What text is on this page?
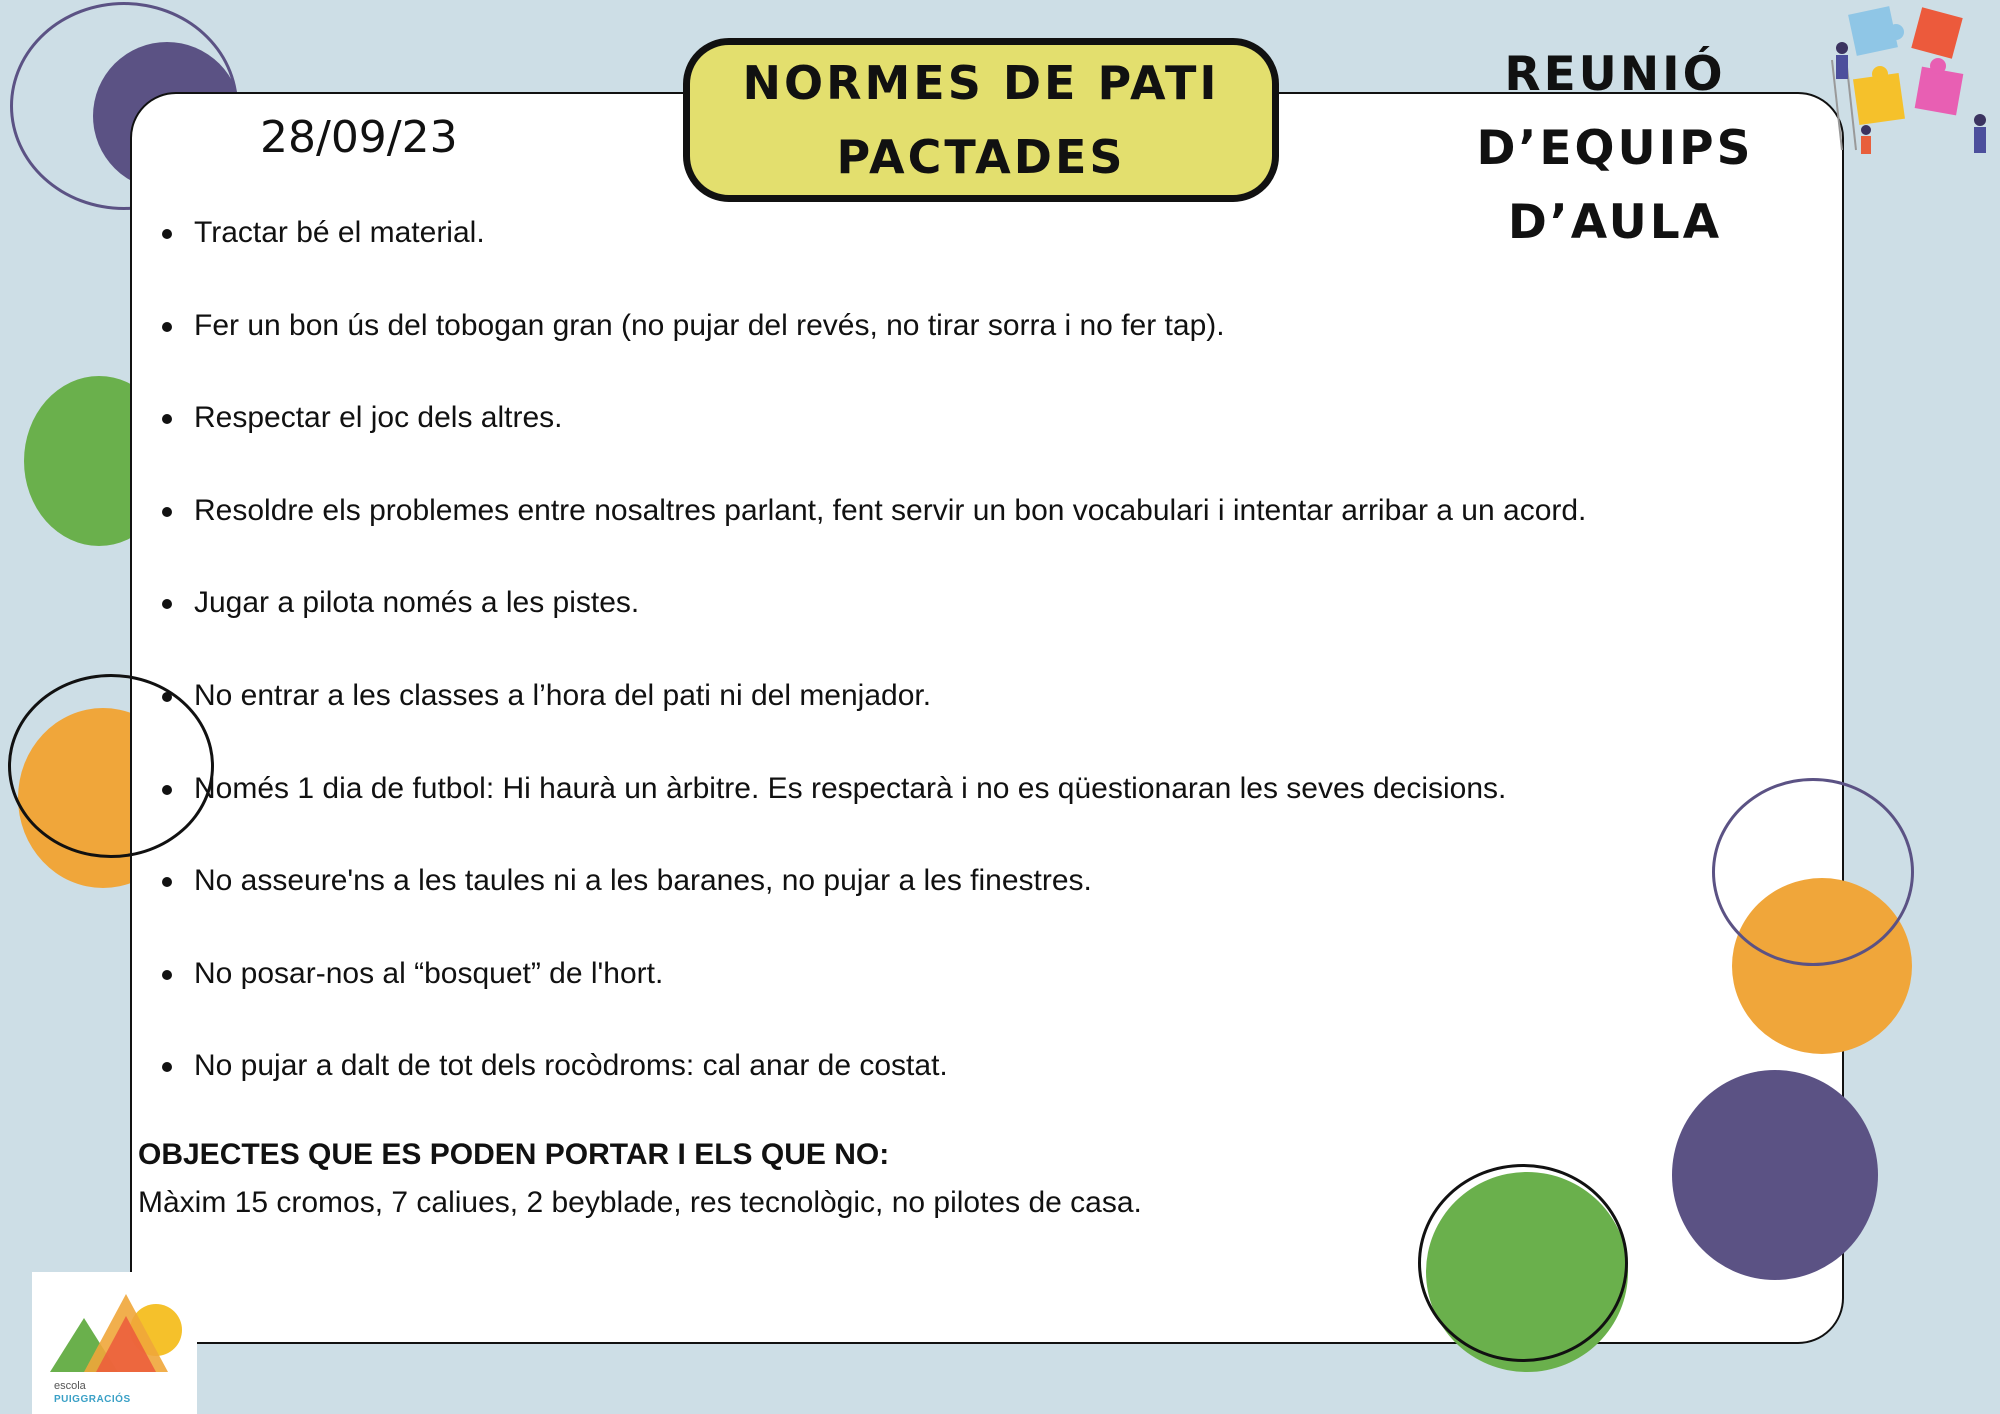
28/09/23
NORMES DE PATI
PACTADES
REUNIÓ
D’EQUIPS D’AULA
Tractar bé el material.
Fer un bon ús del tobogan gran (no pujar del revés, no tirar sorra i no fer tap).
Respectar el joc dels altres.
Resoldre els problemes entre nosaltres parlant, fent servir un bon vocabulari i intentar arribar a un acord.
Jugar a pilota només a les pistes.
No entrar a les classes a l’hora del pati ni del menjador.
Només 1 dia de futbol: Hi haurà un àrbitre. Es respectarà i no es qüestionaran les seves decisions.
No asseure'ns a les taules ni a les baranes, no pujar a les finestres.
No posar-nos al “bosquet” de l'hort.
No pujar a dalt de tot dels rocòdroms: cal anar de costat.
OBJECTES QUE ES PODEN PORTAR I ELS QUE NO:
Màxim 15 cromos, 7 caliues, 2 beyblade, res tecnològic, no pilotes de casa.
escola
PUIGGRACIÓS
